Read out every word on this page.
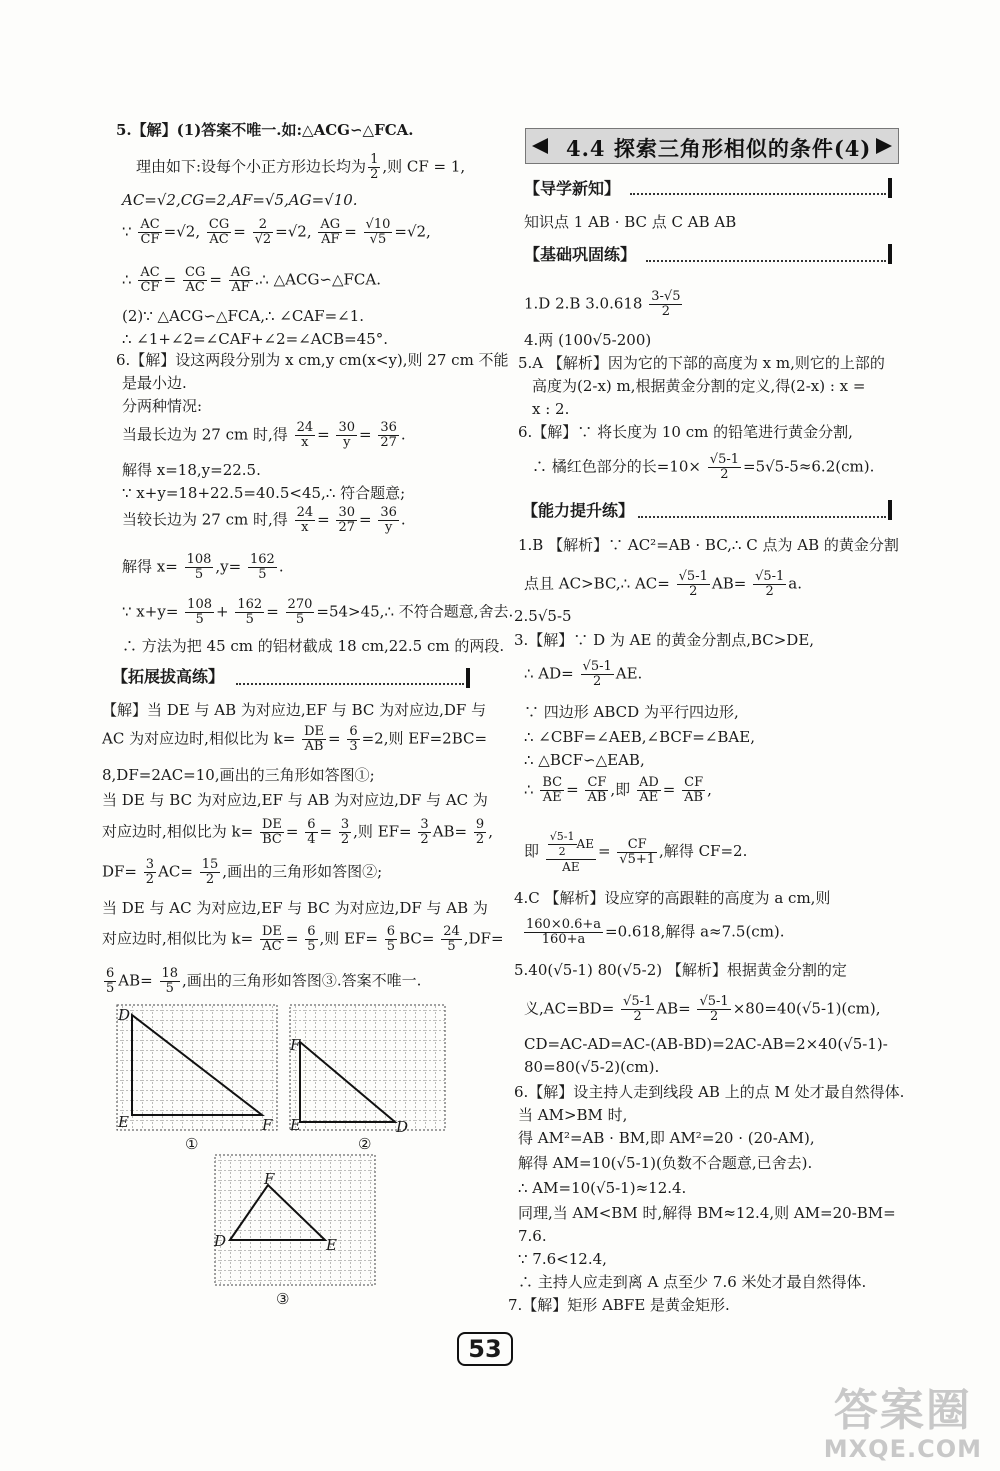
5.【解】(1)答案不唯一.如:△ACG∽△FCA.
理由如下:设每个小正方形边长均为 $\frac{1}{2}$ ,则 CF = 1,
AC=√2,CG=2,AF=√5,AG=√10.
∵ $\frac{AC}{CF} =√2$, $\frac{CG}{AC} = \frac{2}{√2} =√2$, $\frac{AG}{AF} = \frac{√10}{√5} =√2$,
∴ $\frac{AC}{CF} = \frac{CG}{AC} = \frac{AG}{AF}$ .∴ △ACG∽△FCA.
(2)∵ △ACG∽△FCA,∴ ∠CAF=∠1.
∴ ∠1+∠2=∠CAF+∠2=∠ACB=45°.
6.【解】设这两段分别为 x cm,y cm(x<y),则 27 cm 不能
是最小边.
分两种情况:
当最长边为 27 cm 时,得 $\frac{24}{x} = \frac{30}{y} = \frac{36}{27}$ .
解得 x=18,y=22.5.
∵ x+y=18+22.5=40.5<45,∴ 符合题意;
当较长边为 27 cm 时,得 $\frac{24}{x} = \frac{30}{27} = \frac{36}{y}$ .
解得 $x= \frac{108}{5} ,y= \frac{162}{5}$ .
∵ $x+y= \frac{108}{5} + \frac{162}{5} = \frac{270}{5}$ =54>45,∴ 不符合题意,舍去.
∴ 方法为把 45 cm 的铝材截成 18 cm,22.5 cm 的两段.
【拓展拔高练】
【解】当 DE 与 AB 为对应边,EF 与 BC 为对应边,DF 与
AC 为对应边时,相似比为 $k= \frac{DE}{AB} = \frac{6}{3} =2$,则 EF=2BC=
8,DF=2AC=10,画出的三角形如答图①;
当 DE 与 BC 为对应边,EF 与 AB 为对应边,DF 与 AC 为
对应边时,相似比为 $k= \frac{DE}{BC} = \frac{6}{4} = \frac{3}{2}$ ,则 $EF= \frac{3}{2} AB= \frac{9}{2}$ ,
$DF= \frac{3}{2} AC= \frac{15}{2}$ ,画出的三角形如答图②;
当 DE 与 AC 为对应边,EF 与 BC 为对应边,DF 与 AB 为
对应边时,相似比为 $k= \frac{DE}{AC} = \frac{6}{5}$ ,则 $EF= \frac{6}{5} BC= \frac{24}{5} ,DF=$
$\frac{6}{5} AB= \frac{18}{5}$ ,画出的三角形如答图③.答案不唯一.
D
E	F
①
F
E	D
②
F
D	E
③
4.4 探索三角形相似的条件(4)
【导学新知】
知识点 1 AB · BC 点 C AB AB
【基础巩固练】
1.D 2.B $3.0.618 \frac{3-√5}{2}$
4.两 (100√5-200)
5.A 【解析】因为它的下部的高度为 x m,则它的上部的
高度为(2-x) m,根据黄金分割的定义,得(2-x) : x =
x : 2.
6.【解】∵ 将长度为 10 cm 的铅笔进行黄金分割,
∴ 橘红色部分的长$=10\times \frac{√5-1}{2} =5√5-5\approx 6.2(cm)$.
【能力提升练】
1.B 【解析】∵ AC²=AB · BC,∴ C 点为 AB 的黄金分割
点且 AC>BC,∴ $AC= \frac{√5-1}{2} AB= \frac{√5-1}{2} a$.
2.5√5-5
3.【解】∵ D 为 AE 的黄金分割点,BC>DE,
∴ $AD= \frac{√5-1}{2}$ AE.
∵ 四边形 ABCD 为平行四边形,
∴ ∠CBF=∠AEB,∠BCF=∠BAE,
∴ △BCF∽△EAB,
∴ $\frac{BC}{AE} = \frac{CF}{AB}$ ,即 $\frac{AD}{AE} = \frac{CF}{AB}$ ,
即 $\frac{\frac{√5-1}{2} AE}{AE} = \frac{CF}{√5+1}$ ,解得 CF=2.
4.C 【解析】设应穿的高跟鞋的高度为 a cm,则
$\frac{160\times 0.6+a}{160+a} =0.618$,解得 a≈7.5(cm).
5.40(√5-1) 80(√5-2) 【解析】根据黄金分割的定
义$,AC=BD= \frac{√5-1}{2} AB= \frac{√5-1}{2} \times 80=40(√5-1)(cm)$,
CD=AC-AD=AC-(AB-BD)=2AC-AB=2×40(√5-1)-
80=80(√5-2)(cm).
6.【解】设主持人走到线段 AB 上的点 M 处才最自然得体.
当 AM>BM 时,
得 AM²=AB · BM,即 AM²=20 · (20-AM),
解得 AM=10(√5-1)(负数不合题意,已舍去).
∴ AM=10(√5-1)≈12.4.
同理,当 AM<BM 时,解得 BM≈12.4,则 AM=20-BM=
7.6.
∵ 7.6<12.4,
∴ 主持人应走到离 A 点至少 7.6 米处才最自然得体.
7.【解】矩形 ABFE 是黄金矩形.
53
答案圈
MXQE.COM
